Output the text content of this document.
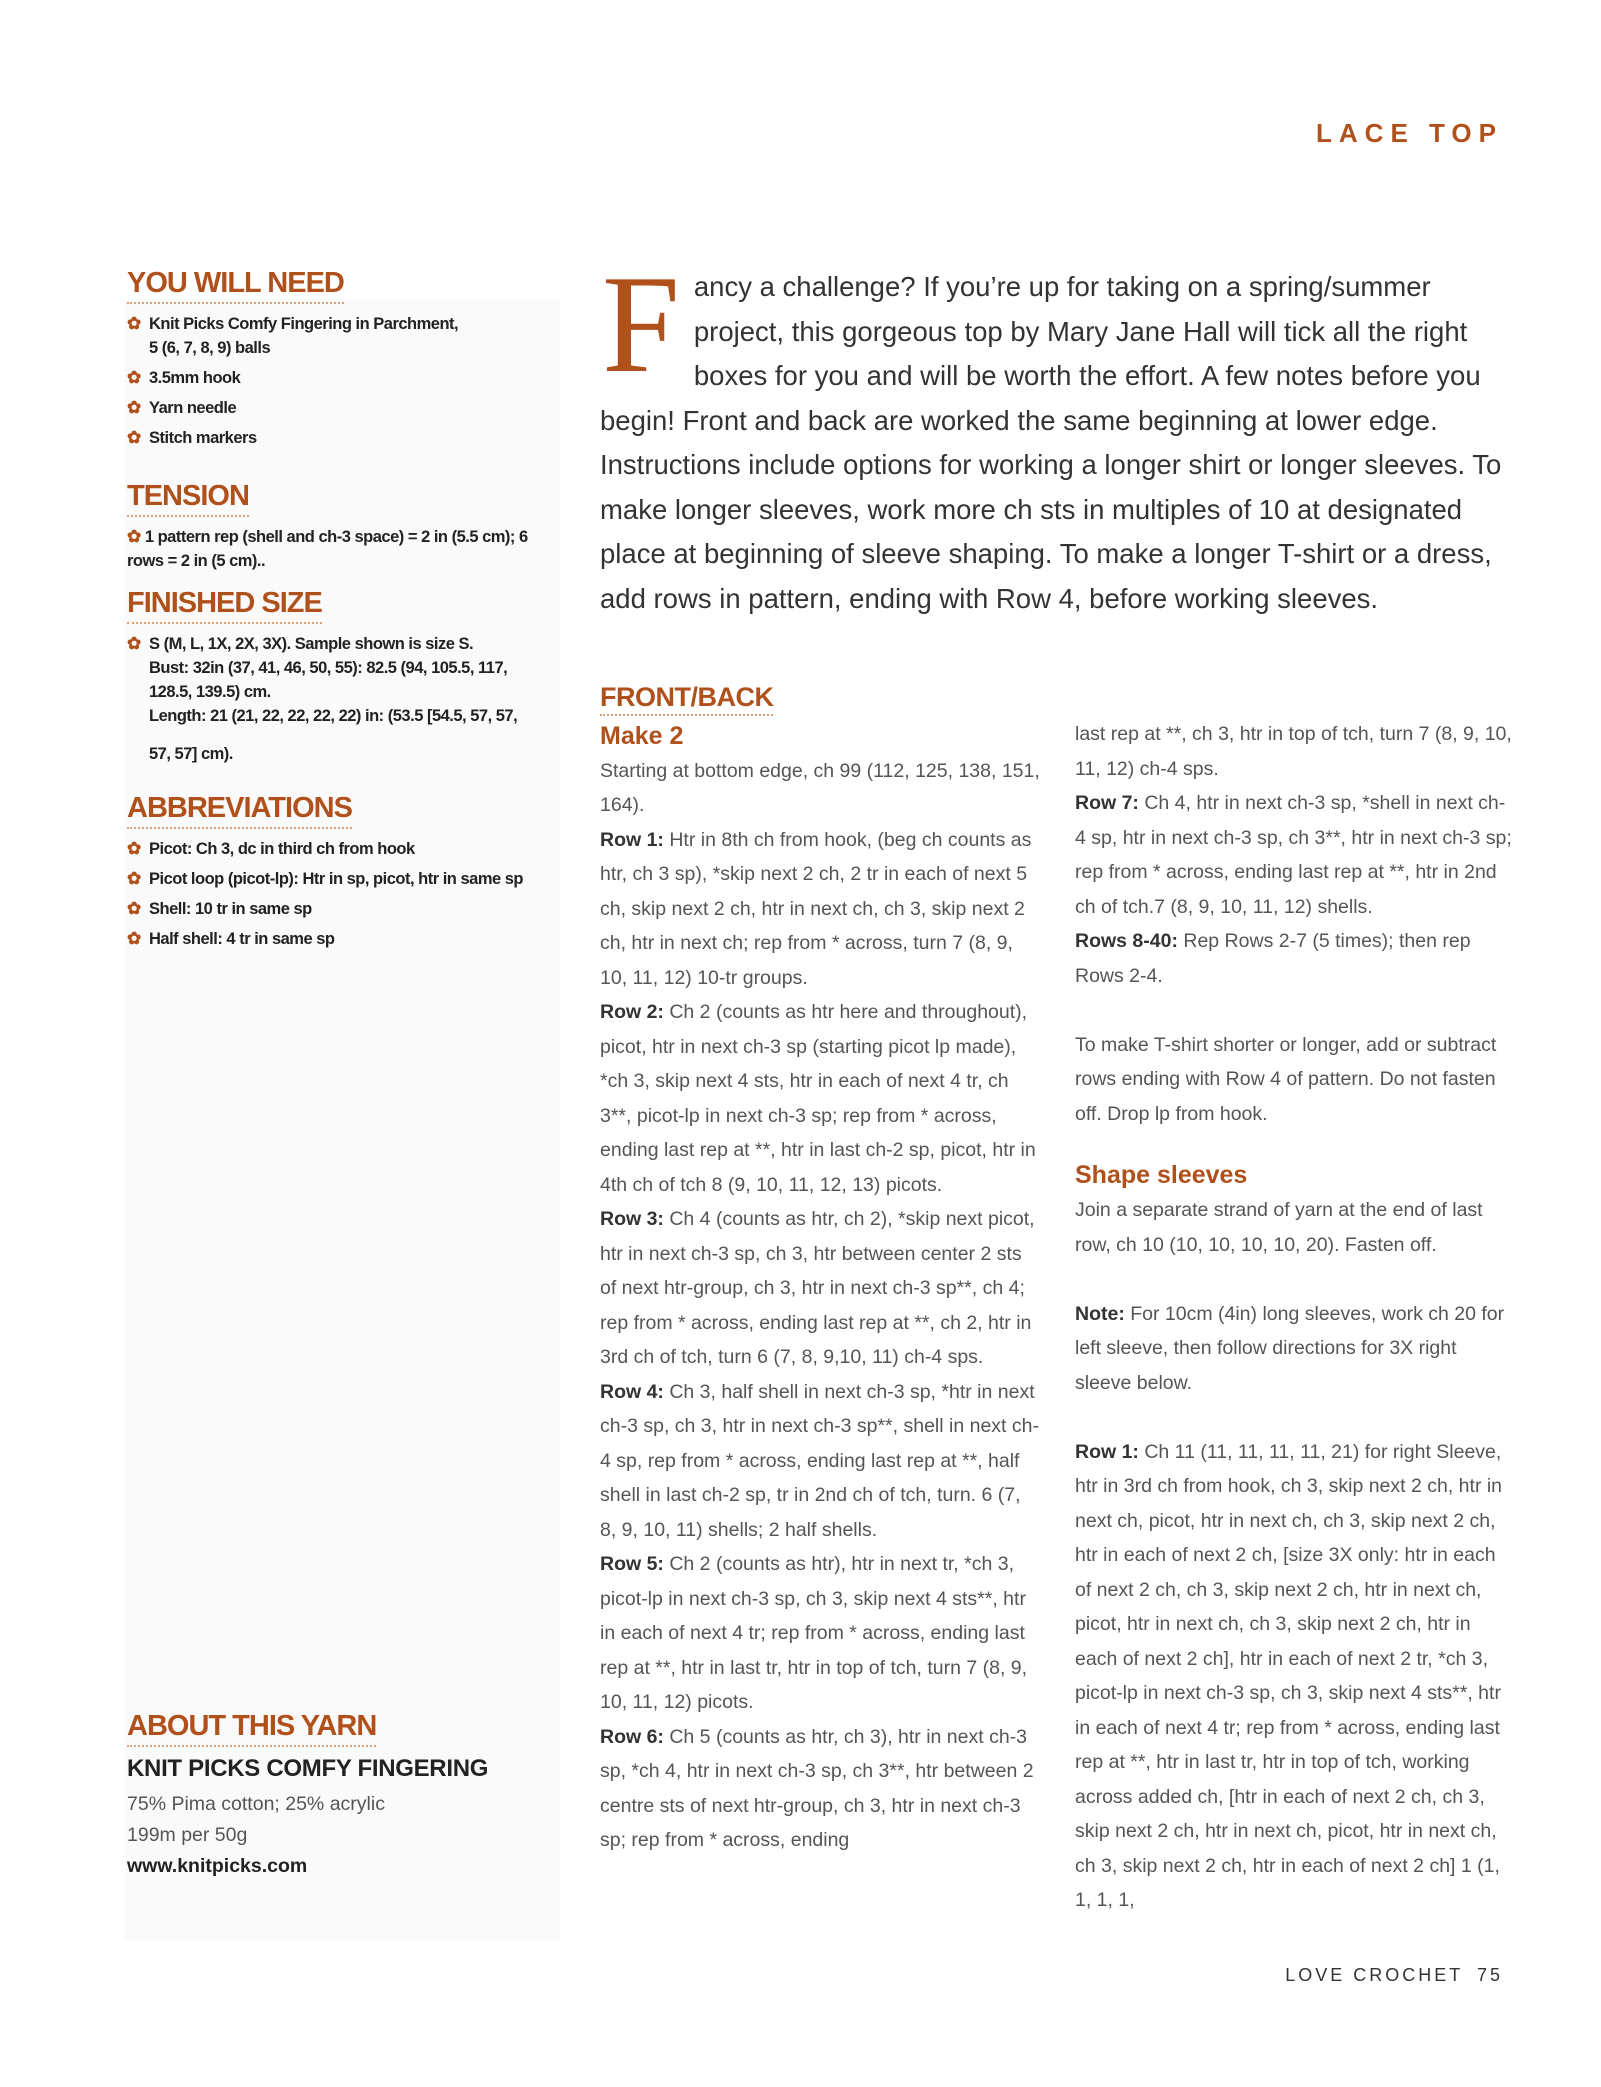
LACE TOP
YOU WILL NEED
✿ Knit Picks Comfy Fingering in Parchment,
5 (6, 7, 8, 9) balls
✿ 3.5mm hook
✿ Yarn needle
✿ Stitch markers
TENSION
✿ 1 pattern rep (shell and ch-3 space) = 2 in (5.5 cm); 6 rows = 2 in (5 cm)..
FINISHED SIZE
✿ S (M, L, 1X, 2X, 3X). Sample shown is size S.
Bust: 32in (37, 41, 46, 50, 55): 82.5 (94, 105.5, 117, 128.5, 139.5) cm.
Length: 21 (21, 22, 22, 22, 22) in: (53.5 [54.5, 57, 57,
57, 57] cm).
ABBREVIATIONS
✿ Picot: Ch 3, dc in third ch from hook
✿ Picot loop (picot-lp): Htr in sp, picot, htr in same sp
✿ Shell: 10 tr in same sp
✿ Half shell: 4 tr in same sp
ABOUT THIS YARN
KNIT PICKS COMFY FINGERING
75% Pima cotton; 25% acrylic
199m per 50g
www.knitpicks.com
F ancy a challenge? If you’re up for taking on a spring/summer project, this gorgeous top by Mary Jane Hall will tick all the right boxes for you and will be worth the effort. A few notes before you begin! Front and back are worked the same beginning at lower edge. Instructions include options for working a longer shirt or longer sleeves. To make longer sleeves, work more ch sts in multiples of 10 at designated place at beginning of sleeve shaping. To make a longer T-shirt or a dress, add rows in pattern, ending with Row 4, before working sleeves.
FRONT/BACK
Make 2

Starting at bottom edge, ch 99 (112, 125, 138, 151, 164).

Row 1: Htr in 8th ch from hook, (beg ch counts as htr, ch 3 sp), *skip next 2 ch, 2 tr in each of next 5 ch, skip next 2 ch, htr in next ch, ch 3, skip next 2 ch, htr in next ch; rep from * across, turn 7 (8, 9, 10, 11, 12) 10-tr groups.

Row 2: Ch 2 (counts as htr here and throughout), picot, htr in next ch-3 sp (starting picot lp made), *ch 3, skip next 4 sts, htr in each of next 4 tr, ch 3**, picot-lp in next ch-3 sp; rep from * across, ending last rep at **, htr in last ch-2 sp, picot, htr in 4th ch of tch 8 (9, 10, 11, 12, 13) picots.

Row 3: Ch 4 (counts as htr, ch 2), *skip next picot, htr in next ch-3 sp, ch 3, htr between center 2 sts of next htr-group, ch 3, htr in next ch-3 sp**, ch 4; rep from * across, ending last rep at **, ch 2, htr in 3rd ch of tch, turn 6 (7, 8, 9,10, 11) ch-4 sps.

Row 4: Ch 3, half shell in next ch-3 sp, *htr in next ch-3 sp, ch 3, htr in next ch-3 sp**, shell in next ch-4 sp, rep from * across, ending last rep at **, half shell in last ch-2 sp, tr in 2nd ch of tch, turn. 6 (7, 8, 9, 10, 11) shells; 2 half shells.

Row 5: Ch 2 (counts as htr), htr in next tr, *ch 3, picot-lp in next ch-3 sp, ch 3, skip next 4 sts**, htr in each of next 4 tr; rep from * across, ending last rep at **, htr in last tr, htr in top of tch, turn 7 (8, 9, 10, 11, 12) picots.

Row 6: Ch 5 (counts as htr, ch 3), htr in next ch-3 sp, *ch 4, htr in next ch-3 sp, ch 3**, htr between 2 centre sts of next htr-group, ch 3, htr in next ch-3 sp; rep from * across, ending

last rep at **, ch 3, htr in top of tch, turn 7 (8, 9, 10, 11, 12) ch-4 sps.

Row 7: Ch 4, htr in next ch-3 sp, *shell in next ch-4 sp, htr in next ch-3 sp, ch 3**, htr in next ch-3 sp; rep from * across, ending last rep at **, htr in 2nd ch of tch.7 (8, 9, 10, 11, 12) shells.

Rows 8-40: Rep Rows 2-7 (5 times); then rep Rows 2-4.

To make T-shirt shorter or longer, add or subtract rows ending with Row 4 of pattern. Do not fasten off. Drop lp from hook.

Shape sleeves

Join a separate strand of yarn at the end of last row, ch 10 (10, 10, 10, 10, 20). Fasten off.

Note: For 10cm (4in) long sleeves, work ch 20 for left sleeve, then follow directions for 3X right sleeve below.

Row 1: Ch 11 (11, 11, 11, 11, 21) for right Sleeve, htr in 3rd ch from hook, ch 3, skip next 2 ch, htr in next ch, picot, htr in next ch, ch 3, skip next 2 ch, htr in each of next 2 ch, [size 3X only: htr in each of next 2 ch, ch 3, skip next 2 ch, htr in next ch, picot, htr in next ch, ch 3, skip next 2 ch, htr in each of next 2 ch], htr in each of next 2 tr, *ch 3, picot-lp in next ch-3 sp, ch 3, skip next 4 sts**, htr in each of next 4 tr; rep from * across, ending last rep at **, htr in last tr, htr in top of tch, working across added ch, [htr in each of next 2 ch, ch 3, skip next 2 ch, htr in next ch, picot, htr in next ch, ch 3, skip next 2 ch, htr in each of next 2 ch] 1 (1, 1, 1, 1,

LOVE CROCHET 75
